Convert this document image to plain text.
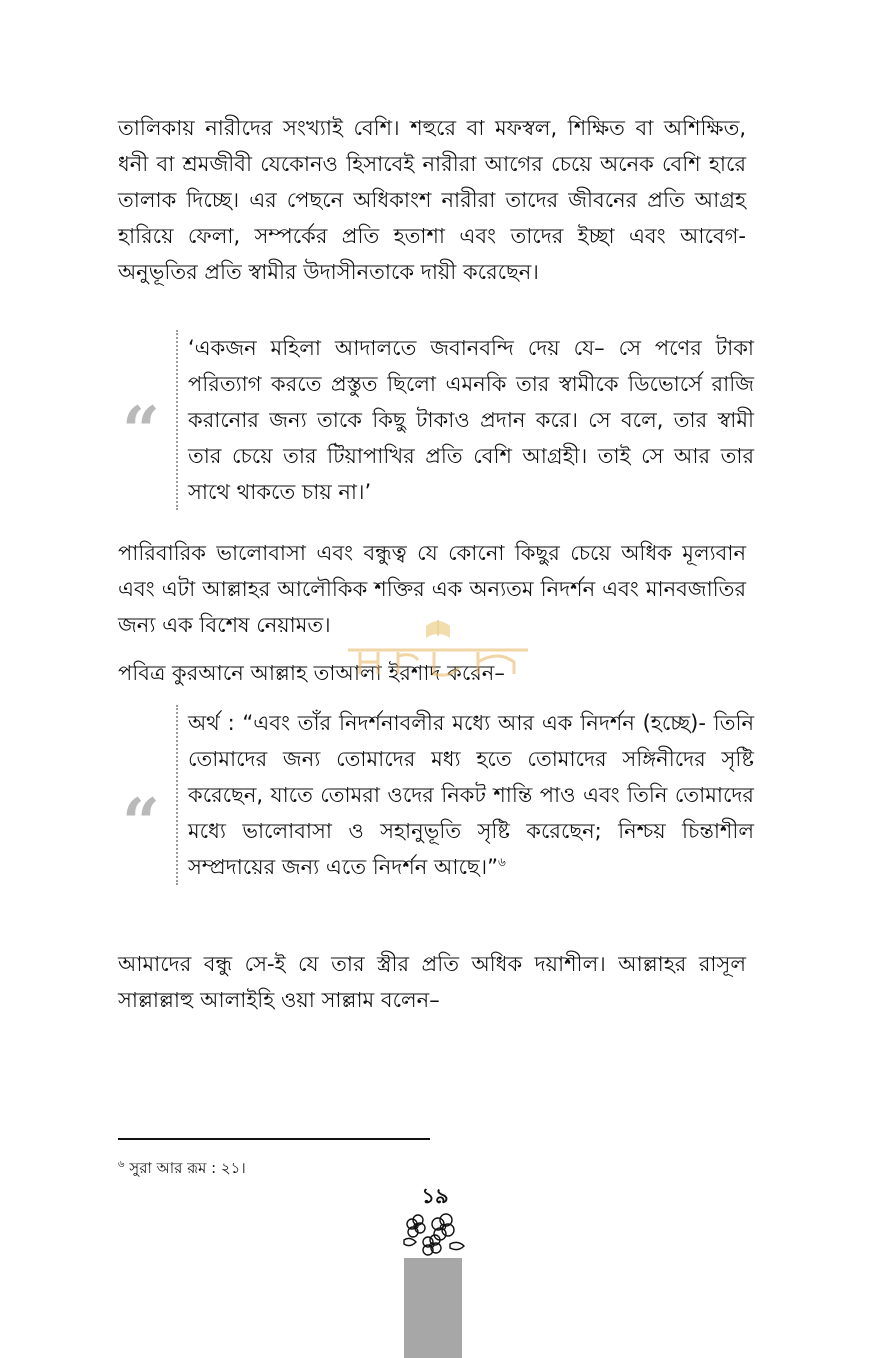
তালিকায় নারীদের সংখ্যাই বেশি। শহুরে বা মফস্বল, শিক্ষিত বা অশিক্ষিত, ধনী বা শ্রমজীবী যেকোনও হিসাবেই নারীরা আগের চেয়ে অনেক বেশি হারে তালাক দিচ্ছে। এর পেছনে অধিকাংশ নারীরা তাদের জীবনের প্রতি আগ্রহ হারিয়ে ফেলা, সম্পর্কের প্রতি হতাশা এবং তাদের ইচ্ছা এবং আবেগ-অনুভূতির প্রতি স্বামীর উদাসীনতাকে দায়ী করেছেন।

“

‘একজন মহিলা আদালতে জবানবন্দি দেয় যে– সে পণের টাকা পরিত্যাগ করতে প্রস্তুত ছিলো এমনকি তার স্বামীকে ডিভোর্সে রাজি করানোর জন্য তাকে কিছু টাকাও প্রদান করে। সে বলে, তার স্বামী তার চেয়ে তার টিয়াপাখির প্রতি বেশি আগ্রহী। তাই সে আর তার সাথে থাকতে চায় না।’

পারিবারিক ভালোবাসা এবং বন্ধুত্ব যে কোনো কিছুর চেয়ে অধিক মূল্যবান এবং এটা আল্লাহর আলৌকিক শক্তির এক অন্যতম নিদর্শন এবং মানবজাতির জন্য এক বিশেষ নেয়ামত।

পবিত্র কুরআনে আল্লাহ তাআলা ইরশাদ করেন–

“

অর্থ : “এবং তাঁর নিদর্শনাবলীর মধ্যে আর এক নিদর্শন (হচ্ছে)- তিনি তোমাদের জন্য তোমাদের মধ্য হতে তোমাদের সঙ্গিনীদের সৃষ্টি করেছেন, যাতে তোমরা ওদের নিকট শান্তি পাও এবং তিনি তোমাদের মধ্যে ভালোবাসা ও সহানুভূতি সৃষ্টি করেছেন; নিশ্চয় চিন্তাশীল সম্প্রদায়ের জন্য এতে নিদর্শন আছে।”$^৬$

আমাদের বন্ধু সে-ই যে তার স্ত্রীর প্রতি অধিক দয়াশীল। আল্লাহর রাসূল সাল্লাল্লাহু আলাইহি ওয়া সাল্লাম বলেন–

$^৬$ সুরা আর রূম : ২১।
১৯
